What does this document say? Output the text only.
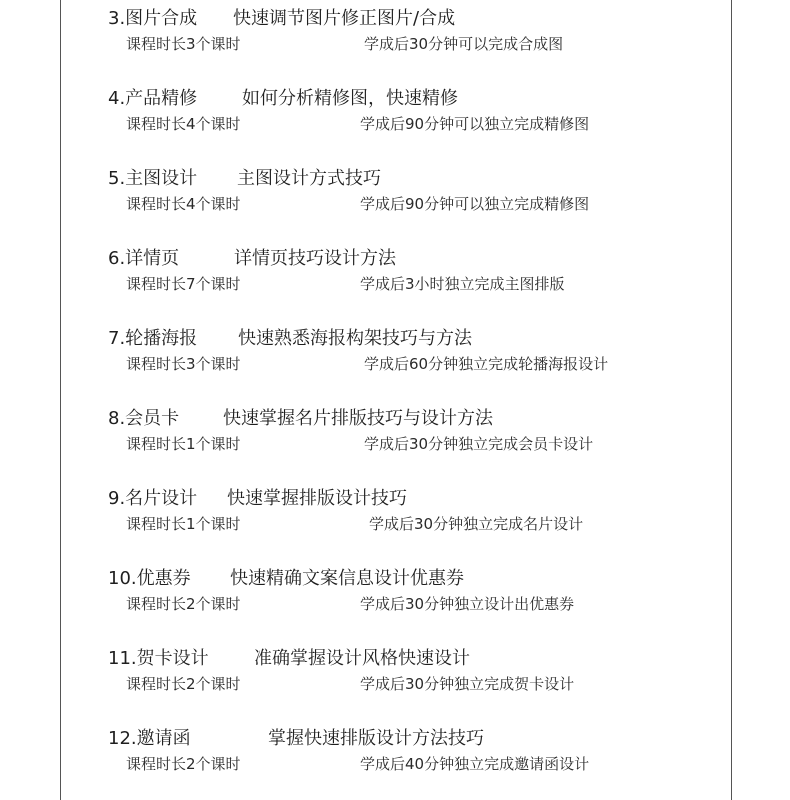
3.图片合成 快速调节图片修正图片/合成
课程时长3个课时	学成后30分钟可以完成合成图
4.产品精修 如何分析精修图，快速精修
课程时长4个课时	学成后90分钟可以独立完成精修图
5.主图设计 主图设计方式技巧
课程时长4个课时	学成后90分钟可以独立完成精修图
6.详情页	详情页技巧设计方法
课程时长7个课时	学成后3小时独立完成主图排版
7.轮播海报 快速熟悉海报构架技巧与方法
课程时长3个课时	学成后60分钟独立完成轮播海报设计
8.会员卡 快速掌握名片排版技巧与设计方法
课程时长1个课时	学成后30分钟独立完成会员卡设计
9.名片设计 快速掌握排版设计技巧
课程时长1个课时	学成后30分钟独立完成名片设计
10.优惠券 快速精确文案信息设计优惠券
课程时长2个课时	学成后30分钟独立设计出优惠券
11.贺卡设计	准确掌握设计风格快速设计
课程时长2个课时	学成后30分钟独立完成贺卡设计
12.邀请函	掌握快速排版设计方法技巧
课程时长2个课时	学成后40分钟独立完成邀请函设计
